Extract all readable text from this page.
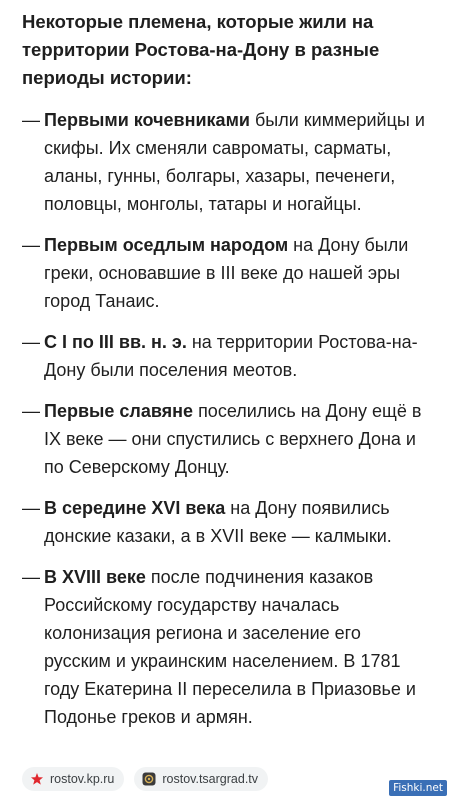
Некоторые племена, которые жили на территории Ростова-на-Дону в разные периоды истории:
— Первыми кочевниками были киммерийцы и скифы. Их сменяли савроматы, сарматы, аланы, гунны, болгары, хазары, печенеги, половцы, монголы, татары и ногайцы.
— Первым оседлым народом на Дону были греки, основавшие в III веке до нашей эры город Танаис.
— С I по III вв. н. э. на территории Ростова-на-Дону были поселения меотов.
— Первые славяне поселились на Дону ещё в IX веке — они спустились с верхнего Дона и по Северскому Донцу.
— В середине XVI века на Дону появились донские казаки, а в XVII веке — калмыки.
— В XVIII веке после подчинения казаков Российскому государству началась колонизация региона и заселение его русским и украинским населением. В 1781 году Екатерина II переселила в Приазовье и Подонье греков и армян.
rostov.kp.ru	rostov.tsargrad.tv
Fishki.net
